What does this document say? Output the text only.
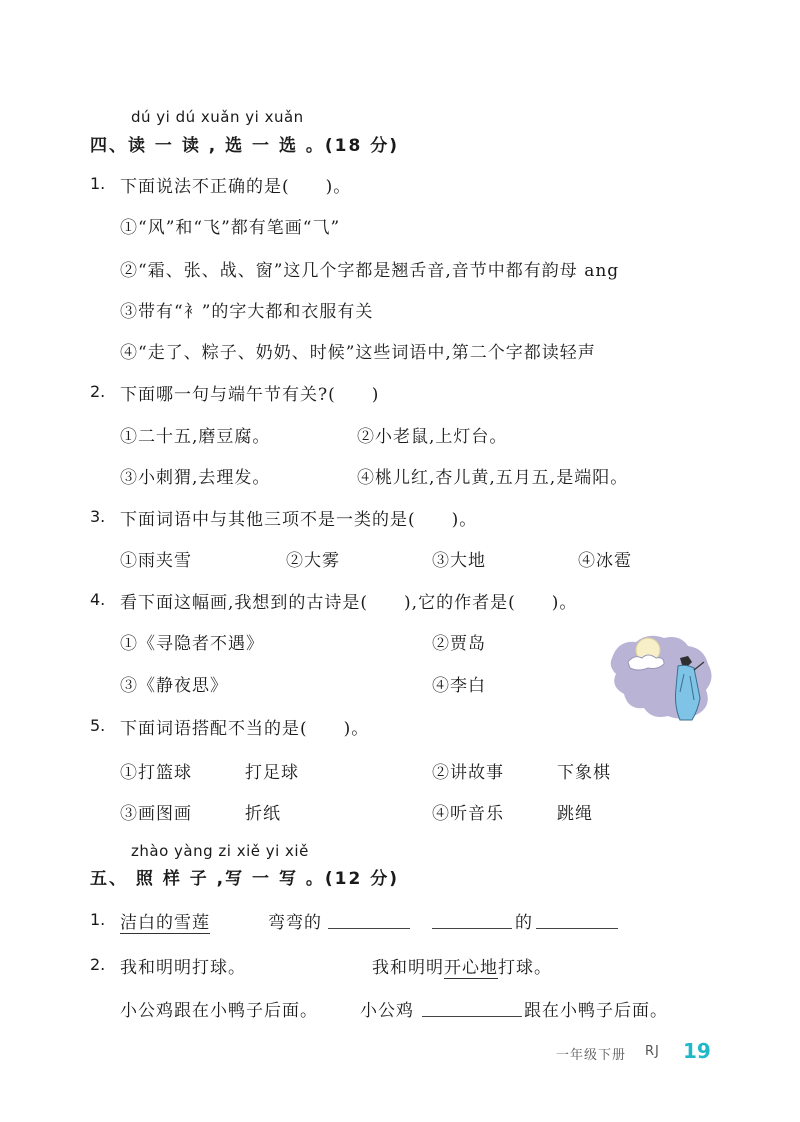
dú yi dú xuǎn yi xuǎn
四、读 一 读 , 选 一 选 。(18 分)
1. 下面说法不正确的是(　　)。
①“风”和“飞”都有笔画“⺄”
②“霜、张、战、窗”这几个字都是翘舌音,音节中都有韵母 ang
③带有“衤”的字大都和衣服有关
④“走了、粽子、奶奶、时候”这些词语中,第二个字都读轻声
2. 下面哪一句与端午节有关?(　　)
①二十五,磨豆腐。	②小老鼠,上灯台。
③小刺猬,去理发。	④桃儿红,杏儿黄,五月五,是端阳。
3. 下面词语中与其他三项不是一类的是(　　)。
①雨夹雪	②大雾	③大地	④冰雹
4. 看下面这幅画,我想到的古诗是(　　),它的作者是(　　)。
①《寻隐者不遇》	②贾岛
③《静夜思》	④李白
5. 下面词语搭配不当的是(　　)。
①打篮球	打足球	②讲故事	下象棋
③画图画	折纸	④听音乐	跳绳
zhào yàng zi xiě yi xiě
五、 照 样 子 ,写 一 写 。(12 分)
1. 洁白的雪莲	弯弯的	的
2. 我和明明打球。	我和明明开心地打球。
小公鸡跟在小鸭子后面。 小公鸡	跟在小鸭子后面。
一年级下册 RJ 19
